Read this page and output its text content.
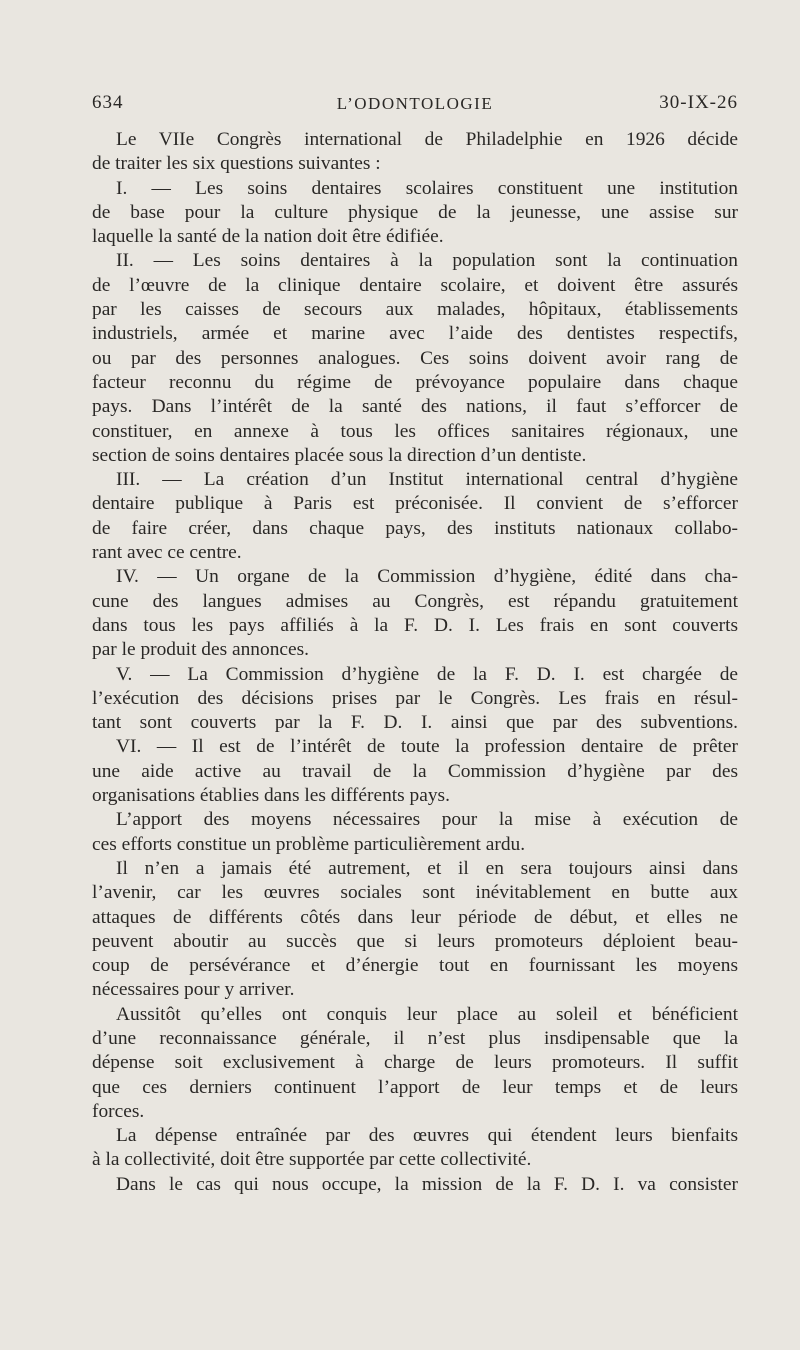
634	L’ODONTOLOGIE	30-IX-26
Le VIIe Congrès international de Philadelphie en 1926 décide
de traiter les six questions suivantes :
I. — Les soins dentaires scolaires constituent une institution
de base pour la culture physique de la jeunesse, une assise sur
laquelle la santé de la nation doit être édifiée.
II. — Les soins dentaires à la population sont la continuation
de l’œuvre de la clinique dentaire scolaire, et doivent être assurés
par les caisses de secours aux malades, hôpitaux, établissements
industriels, armée et marine avec l’aide des dentistes respectifs,
ou par des personnes analogues. Ces soins doivent avoir rang de
facteur reconnu du régime de prévoyance populaire dans chaque
pays. Dans l’intérêt de la santé des nations, il faut s’efforcer de
constituer, en annexe à tous les offices sanitaires régionaux, une
section de soins dentaires placée sous la direction d’un dentiste.
III. — La création d’un Institut international central d’hygiène
dentaire publique à Paris est préconisée. Il convient de s’efforcer
de faire créer, dans chaque pays, des instituts nationaux collabo-
rant avec ce centre.
IV. — Un organe de la Commission d’hygiène, édité dans cha-
cune des langues admises au Congrès, est répandu gratuitement
dans tous les pays affiliés à la F. D. I. Les frais en sont couverts
par le produit des annonces.
V. — La Commission d’hygiène de la F. D. I. est chargée de
l’exécution des décisions prises par le Congrès. Les frais en résul-
tant sont couverts par la F. D. I. ainsi que par des subventions.
VI. — Il est de l’intérêt de toute la profession dentaire de prêter
une aide active au travail de la Commission d’hygiène par des
organisations établies dans les différents pays.
L’apport des moyens nécessaires pour la mise à exécution de
ces efforts constitue un problème particulièrement ardu.
Il n’en a jamais été autrement, et il en sera toujours ainsi dans
l’avenir, car les œuvres sociales sont inévitablement en butte aux
attaques de différents côtés dans leur période de début, et elles ne
peuvent aboutir au succès que si leurs promoteurs déploient beau-
coup de persévérance et d’énergie tout en fournissant les moyens
nécessaires pour y arriver.
Aussitôt qu’elles ont conquis leur place au soleil et bénéficient
d’une reconnaissance générale, il n’est plus insdipensable que la
dépense soit exclusivement à charge de leurs promoteurs. Il suffit
que ces derniers continuent l’apport de leur temps et de leurs
forces.
La dépense entraînée par des œuvres qui étendent leurs bienfaits
à la collectivité, doit être supportée par cette collectivité.
Dans le cas qui nous occupe, la mission de la F. D. I. va consister
